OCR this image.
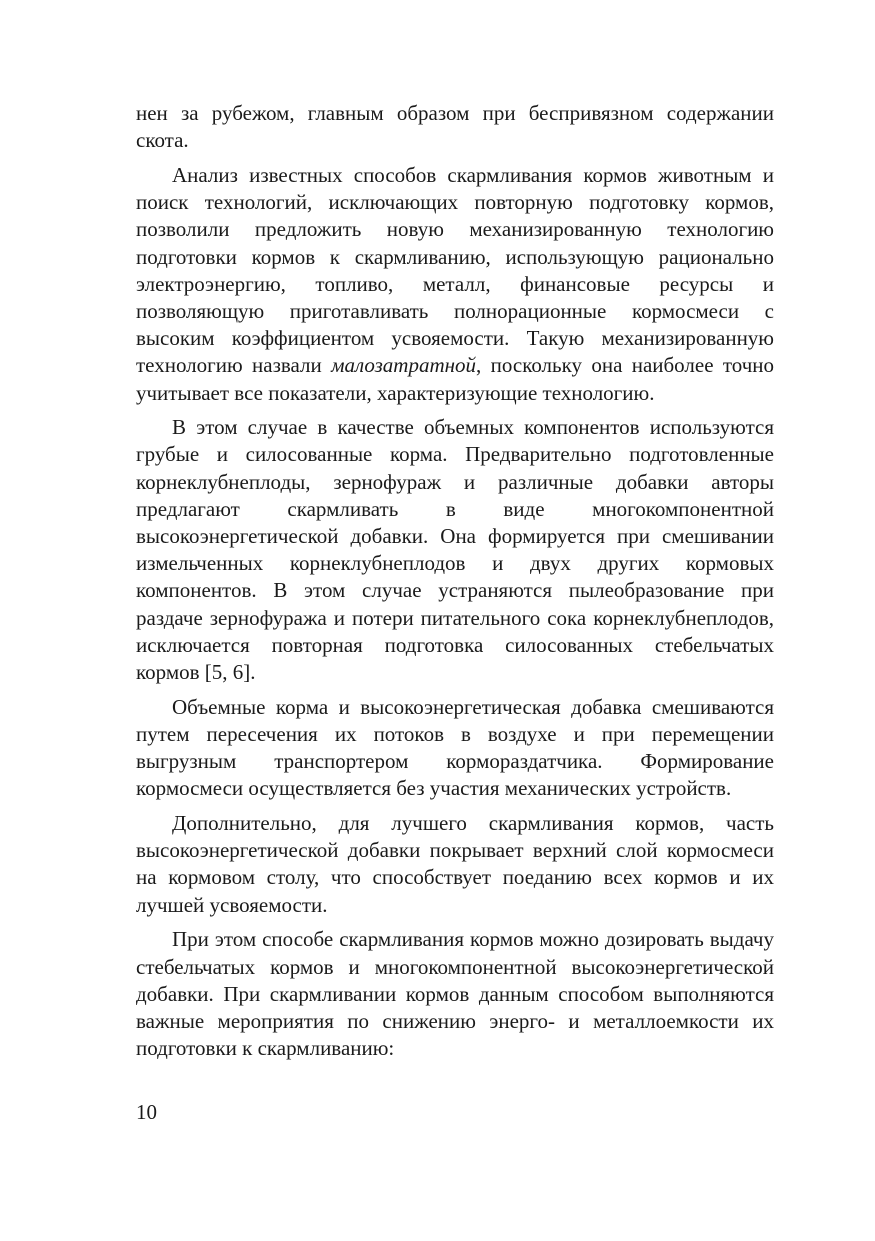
нен за рубежом, главным образом при беспривязном содержании скота.

Анализ известных способов скармливания кормов животным и поиск технологий, исключающих повторную подготовку кормов, позволили предложить новую механизированную технологию подготовки кормов к скармливанию, использующую рационально электроэнергию, топливо, металл, финансовые ресурсы и позволяющую приготавливать полнорационные кормосмеси с высоким коэффициентом усвояемости. Такую механизированную технологию назвали малозатратной, поскольку она наиболее точно учитывает все показатели, характеризующие технологию.

В этом случае в качестве объемных компонентов используются грубые и силосованные корма. Предварительно подготовленные корнеклубнеплоды, зернофураж и различные добавки авторы предлагают скармливать в виде многокомпонентной высокоэнергетической добавки. Она формируется при смешивании измельченных корнеклубнеплодов и двух других кормовых компонентов. В этом случае устраняются пылеобразование при раздаче зернофуража и потери питательного сока корнеклубнеплодов, исключается повторная подготовка силосованных стебельчатых кормов [5, 6].

Объемные корма и высокоэнергетическая добавка смешиваются путем пересечения их потоков в воздухе и при перемещении выгрузным транспортером кормораздатчика. Формирование кормосмеси осуществляется без участия механических устройств.

Дополнительно, для лучшего скармливания кормов, часть высокоэнергетической добавки покрывает верхний слой кормосмеси на кормовом столу, что способствует поеданию всех кормов и их лучшей усвояемости.

При этом способе скармливания кормов можно дозировать выдачу стебельчатых кормов и многокомпонентной высокоэнергетической добавки. При скармливании кормов данным способом выполняются важные мероприятия по снижению энерго- и металлоемкости их подготовки к скармливанию:

10
